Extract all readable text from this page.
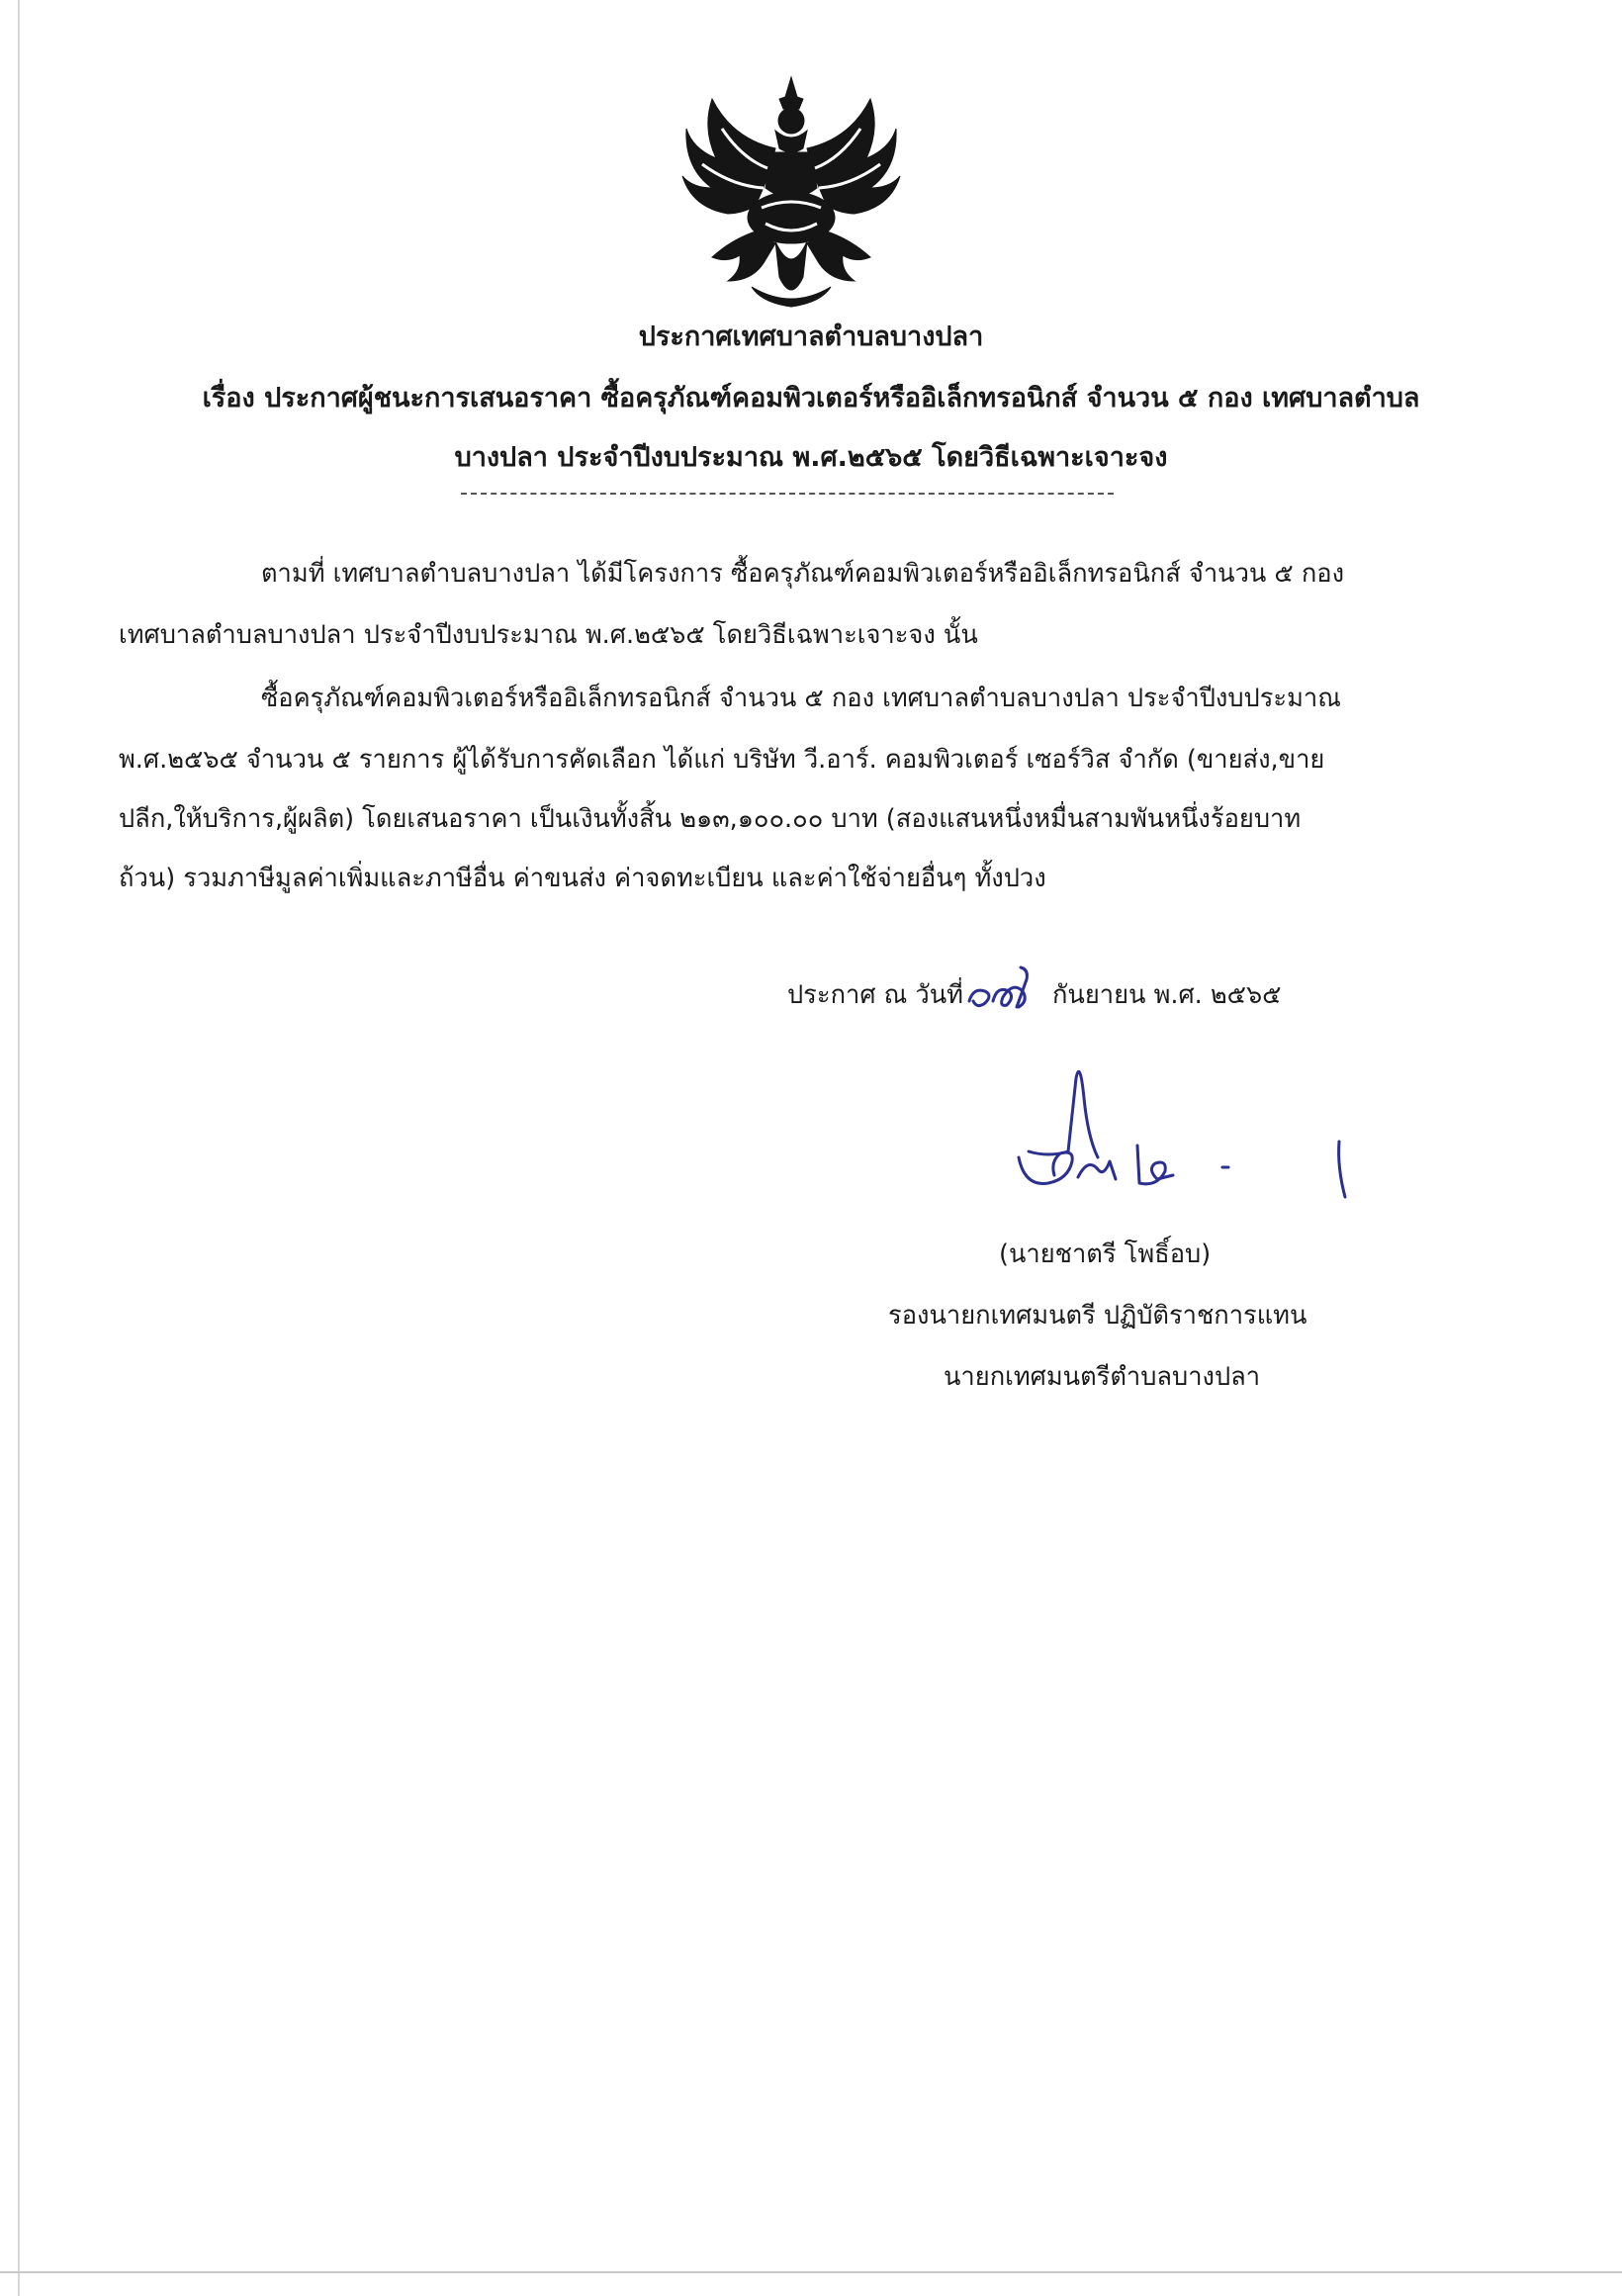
ประกาศเทศบาลตำบลบางปลา
เรื่อง ประกาศผู้ชนะการเสนอราคา ซื้อครุภัณฑ์คอมพิวเตอร์หรืออิเล็กทรอนิกส์ จำนวน ๕ กอง เทศบาลตำบล
บางปลา ประจำปีงบประมาณ พ.ศ.๒๕๖๕ โดยวิธีเฉพาะเจาะจง
ตามที่ เทศบาลตำบลบางปลา ได้มีโครงการ ซื้อครุภัณฑ์คอมพิวเตอร์หรืออิเล็กทรอนิกส์ จำนวน ๕ กอง
เทศบาลตำบลบางปลา ประจำปีงบประมาณ พ.ศ.๒๕๖๕ โดยวิธีเฉพาะเจาะจง นั้น
ซื้อครุภัณฑ์คอมพิวเตอร์หรืออิเล็กทรอนิกส์ จำนวน ๕ กอง เทศบาลตำบลบางปลา ประจำปีงบประมาณ
พ.ศ.๒๕๖๕ จำนวน ๕ รายการ ผู้ได้รับการคัดเลือก ได้แก่ บริษัท วี.อาร์. คอมพิวเตอร์ เซอร์วิส จำกัด (ขายส่ง,ขาย
ปลีก,ให้บริการ,ผู้ผลิต) โดยเสนอราคา เป็นเงินทั้งสิ้น ๒๑๓,๑๐๐.๐๐ บาท (สองแสนหนึ่งหมื่นสามพันหนึ่งร้อยบาท
ถ้วน) รวมภาษีมูลค่าเพิ่มและภาษีอื่น ค่าขนส่ง ค่าจดทะเบียน และค่าใช้จ่ายอื่นๆ ทั้งปวง
ประกาศ ณ วันที่	กันยายน พ.ศ. ๒๕๖๕
(นายชาตรี โพธิ์อบ)
รองนายกเทศมนตรี ปฏิบัติราชการแทน
นายกเทศมนตรีตำบลบางปลา
